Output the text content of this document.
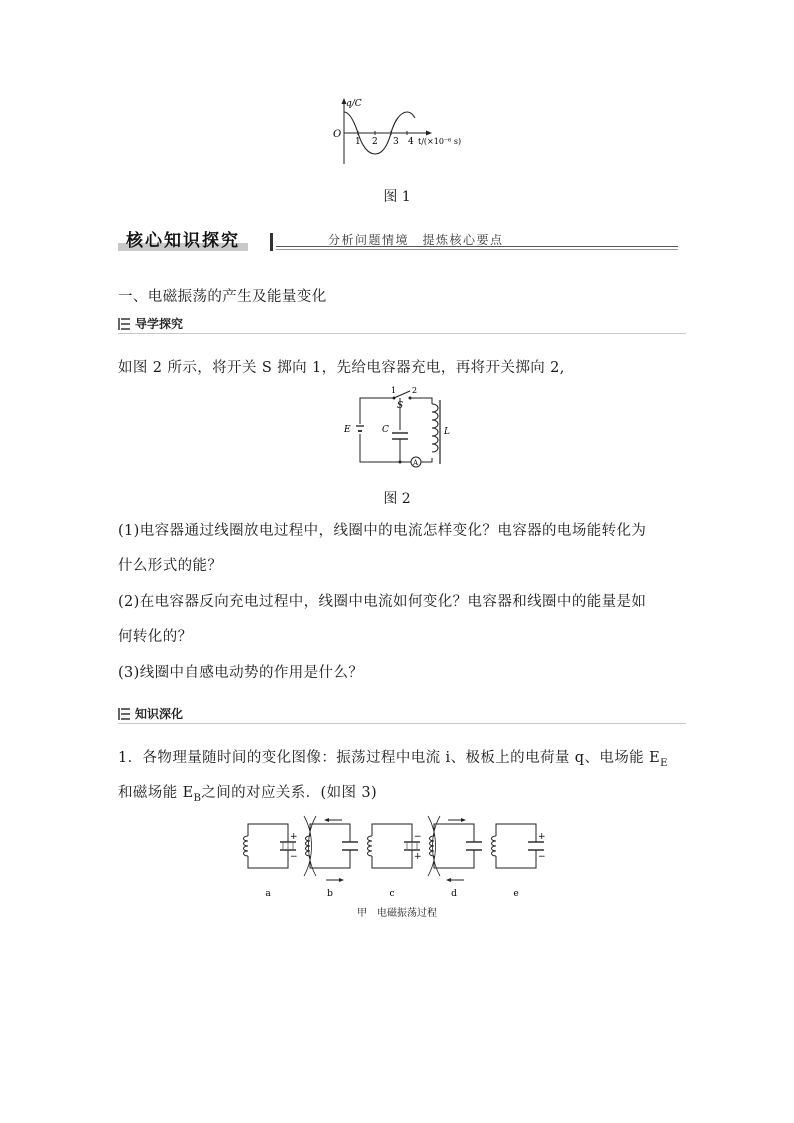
q/C
O
1 2 3 4 t/(×10⁻⁶ s)
图 1
核心知识探究	分析问题情境　提炼核心要点
一、电磁振荡的产生及能量变化
导学探究
如图 2 所示，将开关 S 掷向 1，先给电容器充电，再将开关掷向 2,
A
E	C	L
S
1 2
图 2
(1)电容器通过线圈放电过程中，线圈中的电流怎样变化？电容器的电场能转化为
什么形式的能？
(2)在电容器反向充电过程中，线圈中电流如何变化？电容器和线圈中的能量是如
何转化的？
(3)线圈中自感电动势的作用是什么？
知识深化
1．各物理量随时间的变化图像：振荡过程中电流 i、极板上的电荷量 q、电场能 $E_E$
和磁场能 $E_B$之间的对应关系．(如图 3)
+
−
−
+
+
−
a	b	c	d	e
甲　电磁振荡过程
